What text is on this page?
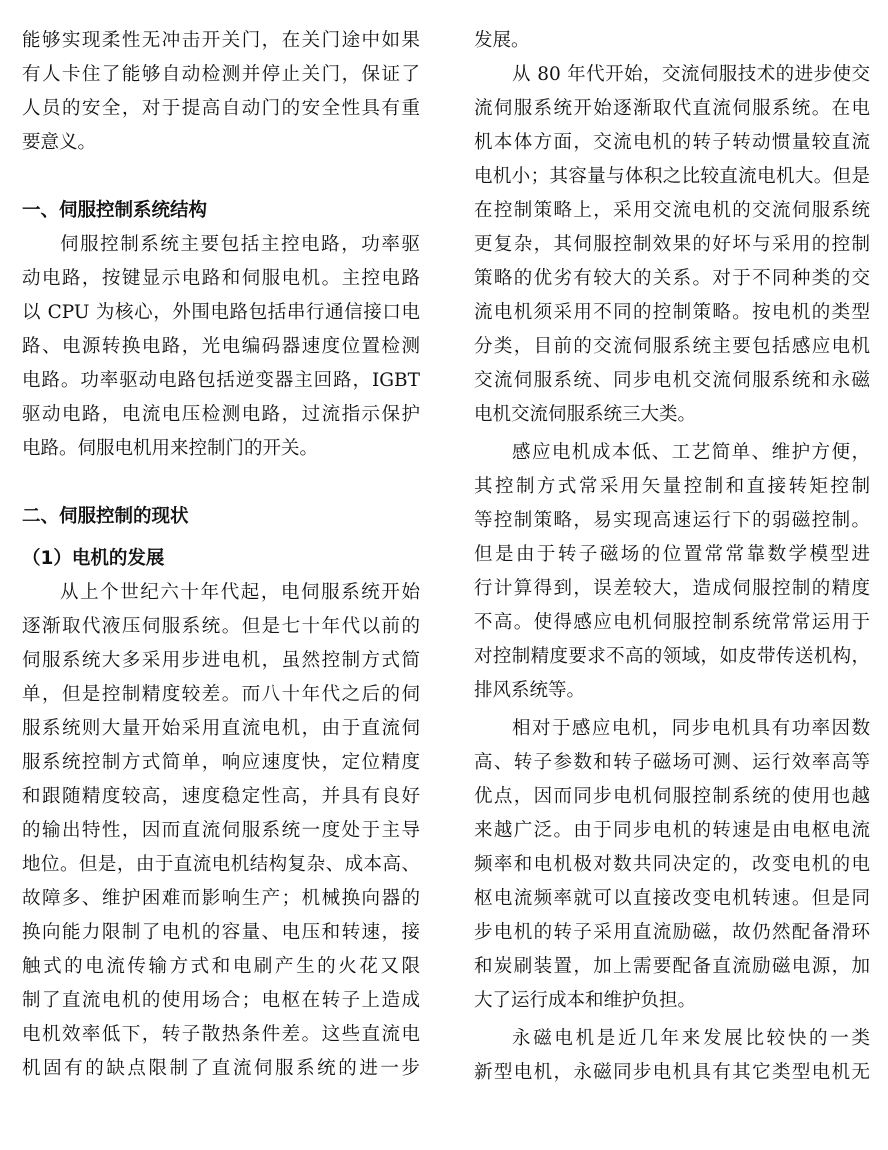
能够实现柔性无冲击开关门，在关门途中如果
有人卡住了能够自动检测并停止关门，保证了
人员的安全，对于提高自动门的安全性具有重
要意义。
一、伺服控制系统结构
伺服控制系统主要包括主控电路，功率驱
动电路，按键显示电路和伺服电机。主控电路
以 CPU 为核心，外围电路包括串行通信接口电
路、电源转换电路，光电编码器速度位置检测
电路。功率驱动电路包括逆变器主回路，IGBT
驱动电路，电流电压检测电路，过流指示保护
电路。伺服电机用来控制门的开关。
二、伺服控制的现状
（1）电机的发展
从上个世纪六十年代起，电伺服系统开始
逐渐取代液压伺服系统。但是七十年代以前的
伺服系统大多采用步进电机，虽然控制方式简
单，但是控制精度较差。而八十年代之后的伺
服系统则大量开始采用直流电机，由于直流伺
服系统控制方式简单，响应速度快，定位精度
和跟随精度较高，速度稳定性高，并具有良好
的输出特性，因而直流伺服系统一度处于主导
地位。但是，由于直流电机结构复杂、成本高、
故障多、维护困难而影响生产；机械换向器的
换向能力限制了电机的容量、电压和转速，接
触式的电流传输方式和电刷产生的火花又限
制了直流电机的使用场合；电枢在转子上造成
电机效率低下，转子散热条件差。这些直流电
机固有的缺点限制了直流伺服系统的进一步
发展。
从 80 年代开始，交流伺服技术的进步使交
流伺服系统开始逐渐取代直流伺服系统。在电
机本体方面，交流电机的转子转动惯量较直流
电机小；其容量与体积之比较直流电机大。但是
在控制策略上，采用交流电机的交流伺服系统
更复杂，其伺服控制效果的好坏与采用的控制
策略的优劣有较大的关系。对于不同种类的交
流电机须采用不同的控制策略。按电机的类型
分类，目前的交流伺服系统主要包括感应电机
交流伺服系统、同步电机交流伺服系统和永磁
电机交流伺服系统三大类。
感应电机成本低、工艺简单、维护方便，
其控制方式常采用矢量控制和直接转矩控制
等控制策略，易实现高速运行下的弱磁控制。
但是由于转子磁场的位置常常靠数学模型进
行计算得到，误差较大，造成伺服控制的精度
不高。使得感应电机伺服控制系统常常运用于
对控制精度要求不高的领域，如皮带传送机构，
排风系统等。
相对于感应电机，同步电机具有功率因数
高、转子参数和转子磁场可测、运行效率高等
优点，因而同步电机伺服控制系统的使用也越
来越广泛。由于同步电机的转速是由电枢电流
频率和电机极对数共同决定的，改变电机的电
枢电流频率就可以直接改变电机转速。但是同
步电机的转子采用直流励磁，故仍然配备滑环
和炭刷装置，加上需要配备直流励磁电源，加
大了运行成本和维护负担。
永磁电机是近几年来发展比较快的一类
新型电机，永磁同步电机具有其它类型电机无
